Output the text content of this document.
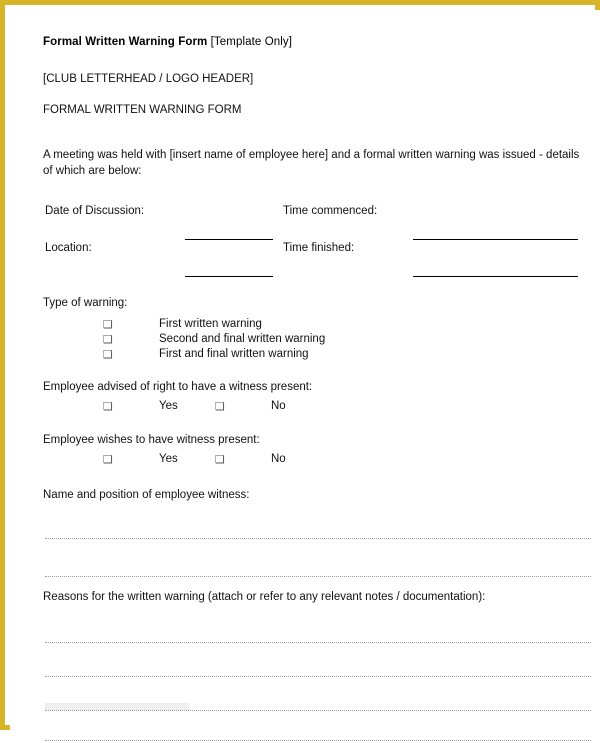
Formal Written Warning Form [Template Only]
[CLUB LETTERHEAD / LOGO HEADER]
FORMAL WRITTEN WARNING FORM
A meeting was held with [insert name of employee here] and a formal written warning was issued - details of which are below:
Date of Discussion:	Time commenced:
Location:	Time finished:
Type of warning:
❑	First written warning
❑	Second and final written warning
❑	First and final written warning
Employee advised of right to have a witness present:
❑	Yes	❑	No
Employee wishes to have witness present:
❑	Yes	❑	No
Name and position of employee witness:
Reasons for the written warning (attach or refer to any relevant notes / documentation):
